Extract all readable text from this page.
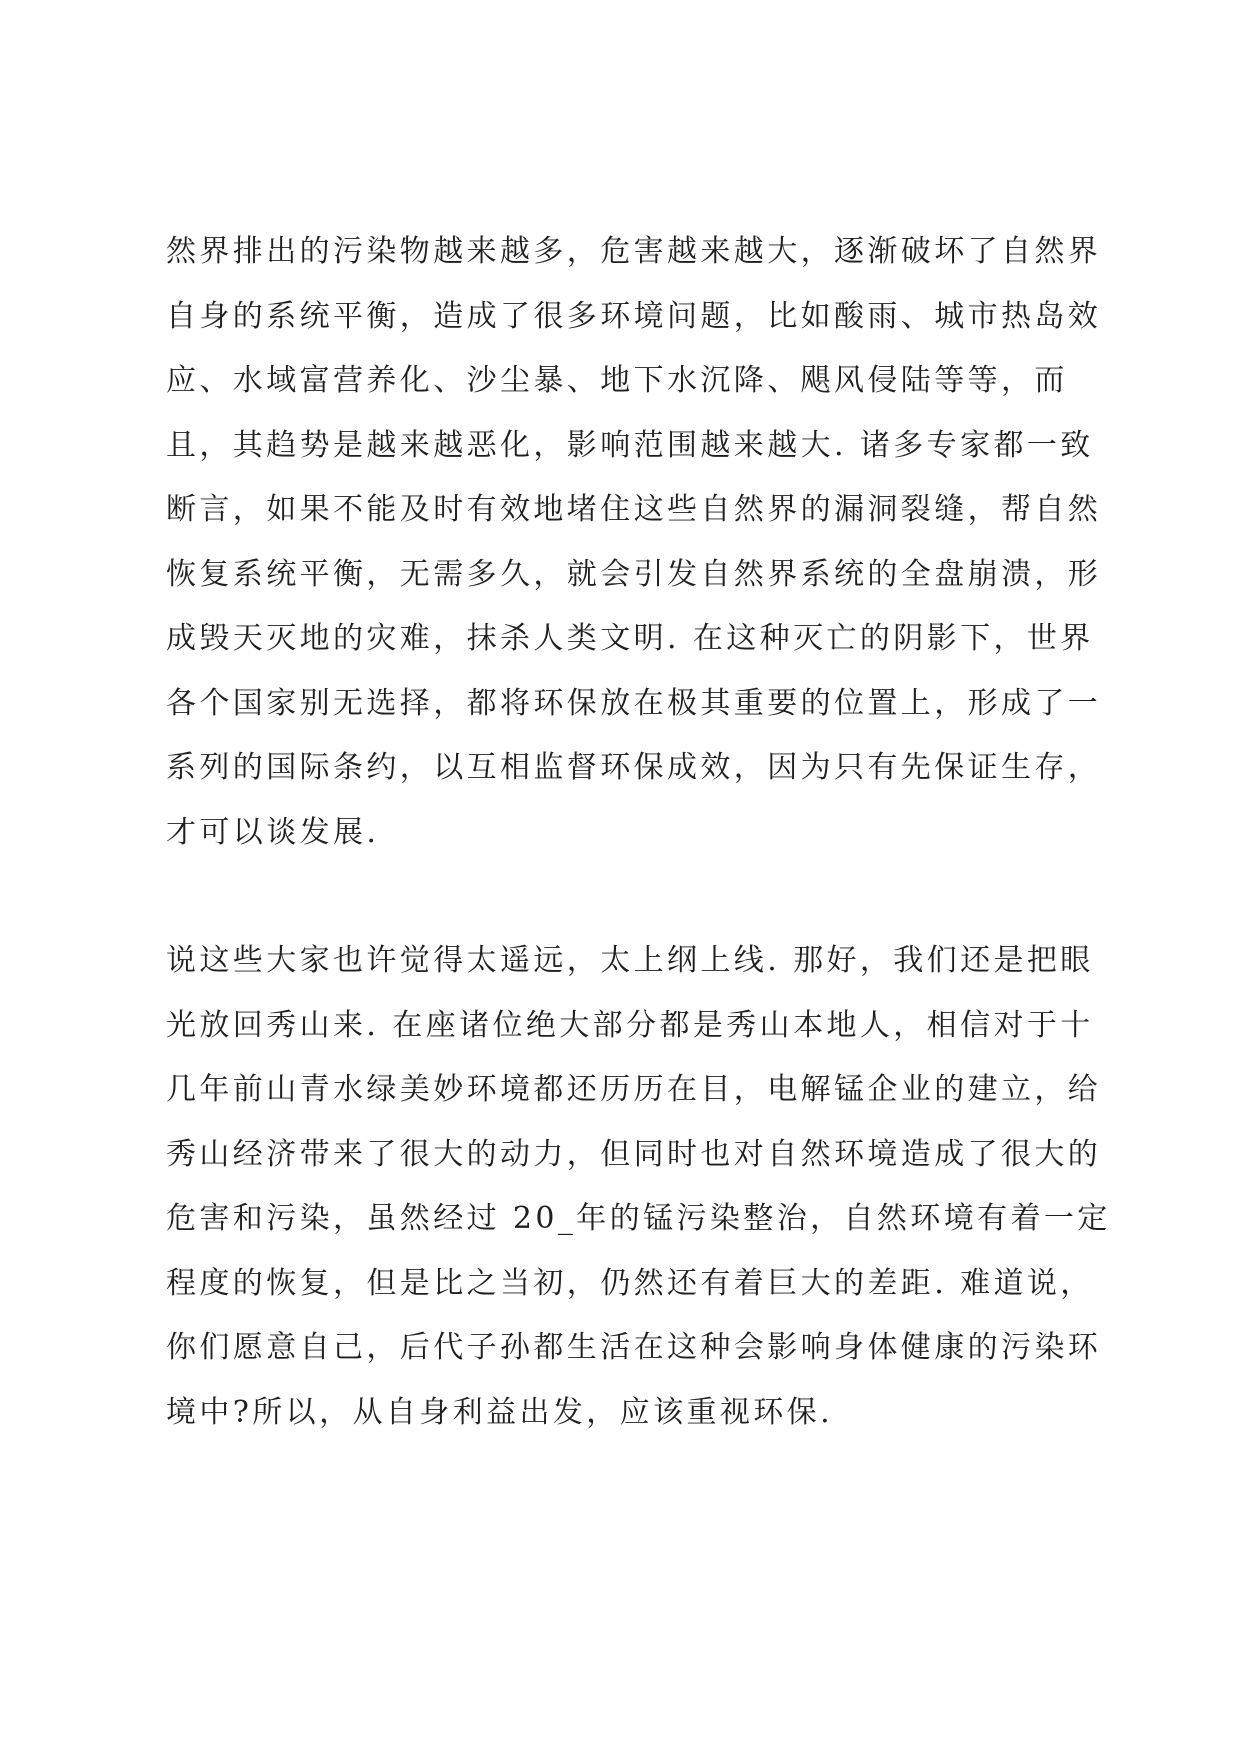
然界排出的污染物越来越多，危害越来越大，逐渐破坏了自然界
自身的系统平衡，造成了很多环境问题，比如酸雨、城市热岛效
应、水域富营养化、沙尘暴、地下水沉降、飓风侵陆等等，而
且，其趋势是越来越恶化，影响范围越来越大. 诸多专家都一致
断言，如果不能及时有效地堵住这些自然界的漏洞裂缝，帮自然
恢复系统平衡，无需多久，就会引发自然界系统的全盘崩溃，形
成毁天灭地的灾难，抹杀人类文明. 在这种灭亡的阴影下，世界
各个国家别无选择，都将环保放在极其重要的位置上，形成了一
系列的国际条约，以互相监督环保成效，因为只有先保证生存，
才可以谈发展.
说这些大家也许觉得太遥远，太上纲上线. 那好，我们还是把眼
光放回秀山来. 在座诸位绝大部分都是秀山本地人，相信对于十
几年前山青水绿美妙环境都还历历在目，电解锰企业的建立，给
秀山经济带来了很大的动力，但同时也对自然环境造成了很大的
危害和污染，虽然经过 20_年的锰污染整治，自然环境有着一定
程度的恢复，但是比之当初，仍然还有着巨大的差距. 难道说，
你们愿意自己，后代子孙都生活在这种会影响身体健康的污染环
境中?所以，从自身利益出发，应该重视环保.
